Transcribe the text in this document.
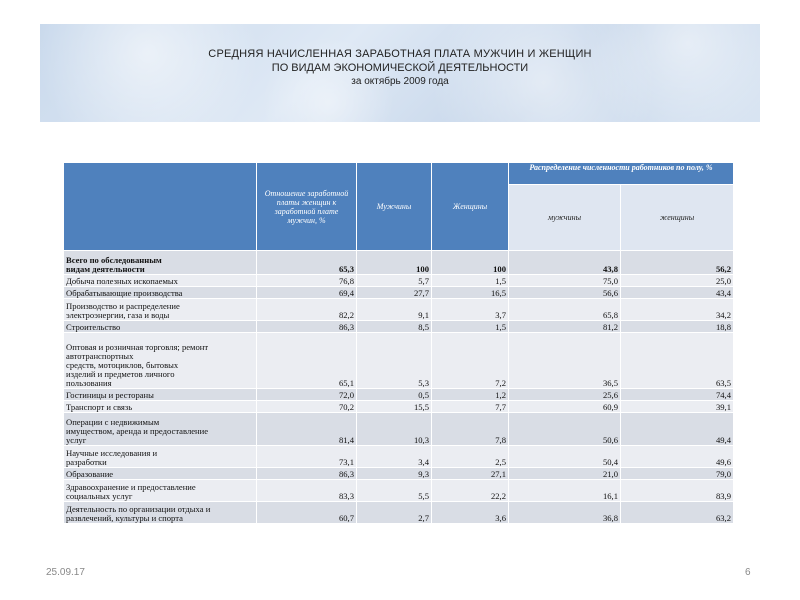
СРЕДНЯЯ НАЧИСЛЕННАЯ ЗАРАБОТНАЯ ПЛАТА МУЖЧИН И ЖЕНЩИН
ПО ВИДАМ ЭКОНОМИЧЕСКОЙ ДЕЯТЕЛЬНОСТИ
за октябрь 2009 года
	Отношение заработной платы женщин к заработной плате мужчин, %	Мужчины	Женщины	Распределение численности работников по полу, %	
				мужчины	женщины

Всего по обследованным
видам деятельности	65,3	100	100	43,8	56,2

Добыча полезных ископаемых	76,8	5,7	1,5	75,0	25,0

Обрабатывающие производства	69,4	27,7	16,5	56,6	43,4

Производство и распределение
электроэнергии, газа и воды	82,2	9,1	3,7	65,8	34,2

Строительство	86,3	8,5	1,5	81,2	18,8

Оптовая и розничная торговля; ремонт
автотранспортных
средств, мотоциклов, бытовых
изделий и предметов личного
пользования	65,1	5,3	7,2	36,5	63,5

Гостиницы и рестораны	72,0	0,5	1,2	25,6	74,4

Транспорт и связь	70,2	15,5	7,7	60,9	39,1

Операции с недвижимым
имуществом, аренда и предоставление
услуг	81,4	10,3	7,8	50,6	49,4

Научные исследования и
разработки	73,1	3,4	2,5	50,4	49,6

Образование	86,3	9,3	27,1	21,0	79,0

Здравоохранение и предоставление
социальных услуг	83,3	5,5	22,2	16,1	83,9

Деятельность по организации отдыха и
развлечений, культуры и спорта	60,7	2,7	3,6	36,8	63,2
25.09.17	6
